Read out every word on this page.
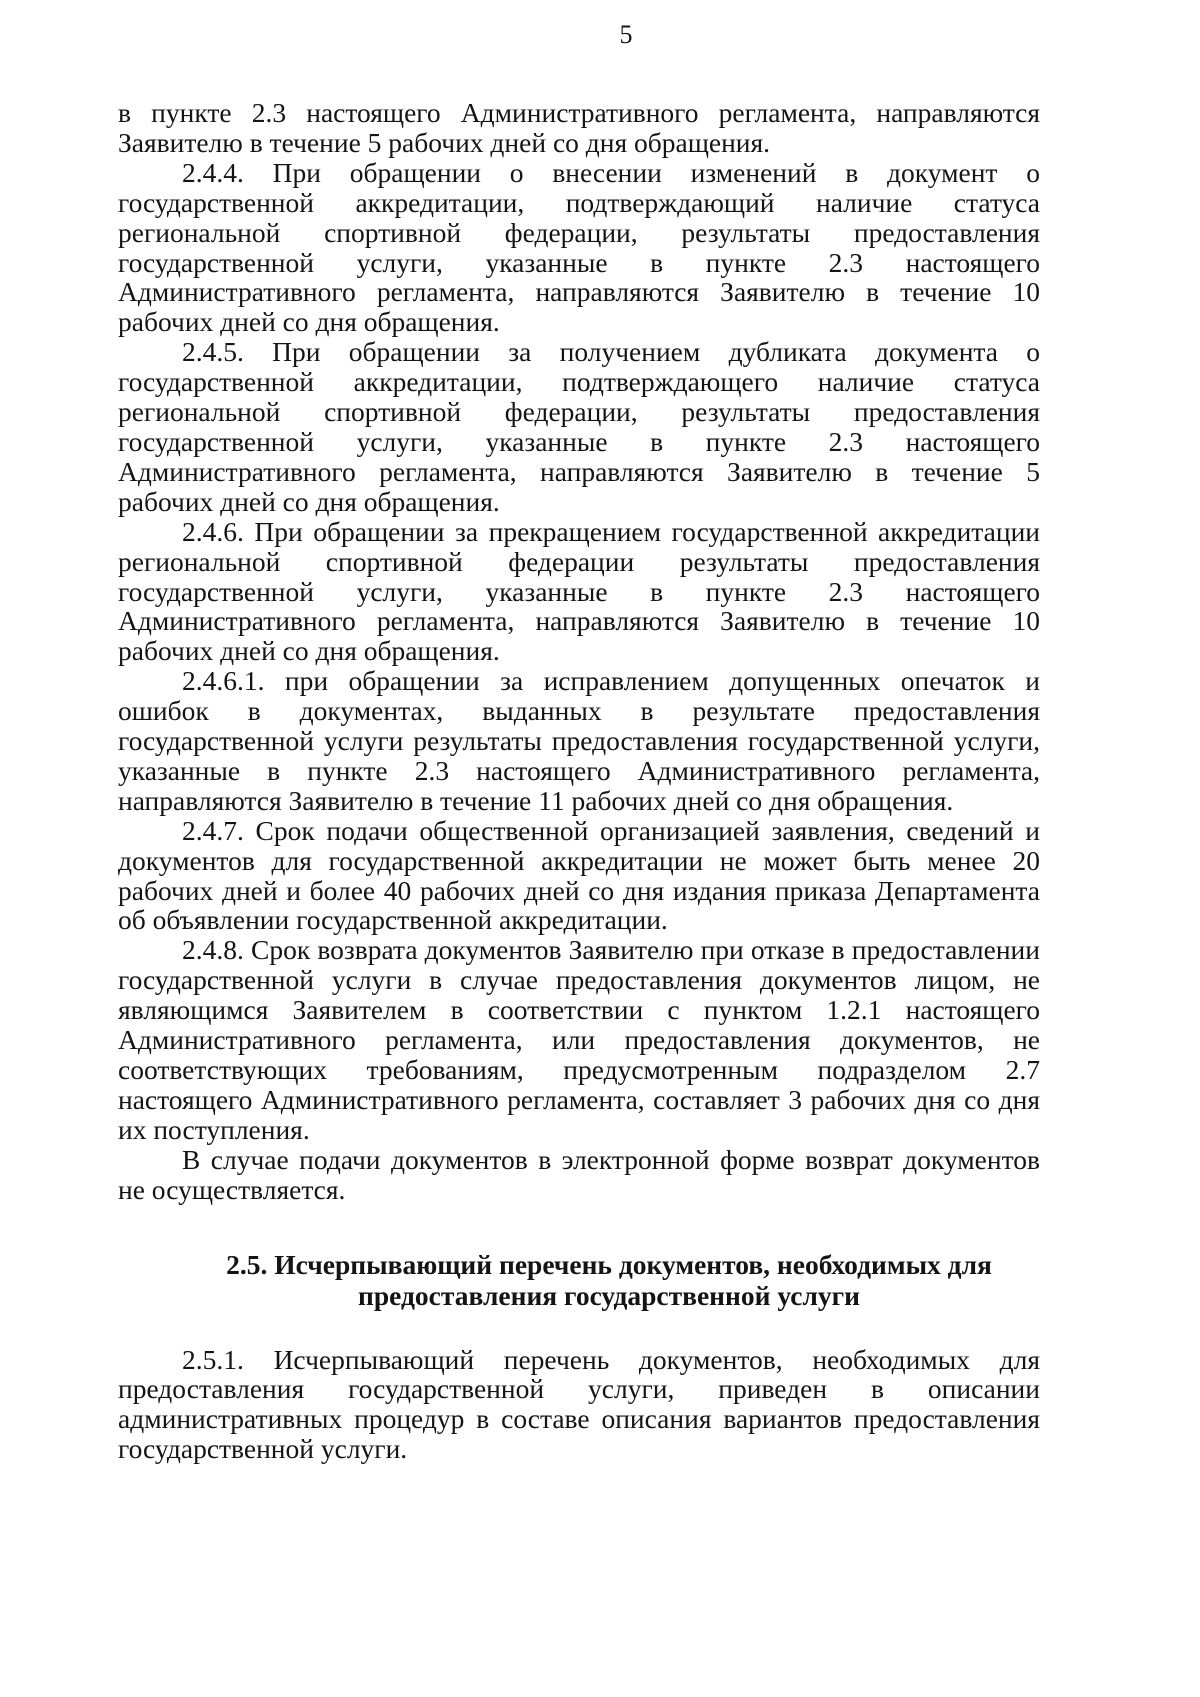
5

в пункте 2.3 настоящего Административного регламента, направляются Заявителю в течение 5 рабочих дней со дня обращения.

2.4.4. При обращении о внесении изменений в документ о государственной аккредитации, подтверждающий наличие статуса региональной спортивной федерации, результаты предоставления государственной услуги, указанные в пункте 2.3 настоящего Административного регламента, направляются Заявителю в течение 10 рабочих дней со дня обращения.

2.4.5. При обращении за получением дубликата документа о государственной аккредитации, подтверждающего наличие статуса региональной спортивной федерации, результаты предоставления государственной услуги, указанные в пункте 2.3 настоящего Административного регламента, направляются Заявителю в течение 5 рабочих дней со дня обращения.

2.4.6. При обращении за прекращением государственной аккредитации региональной спортивной федерации результаты предоставления государственной услуги, указанные в пункте 2.3 настоящего Административного регламента, направляются Заявителю в течение 10 рабочих дней со дня обращения.

2.4.6.1. при обращении за исправлением допущенных опечаток и ошибок в документах, выданных в результате предоставления государственной услуги результаты предоставления государственной услуги, указанные в пункте 2.3 настоящего Административного регламента, направляются Заявителю в течение 11 рабочих дней со дня обращения.

2.4.7. Срок подачи общественной организацией заявления, сведений и документов для государственной аккредитации не может быть менее 20 рабочих дней и более 40 рабочих дней со дня издания приказа Департамента об объявлении государственной аккредитации.

2.4.8. Срок возврата документов Заявителю при отказе в предоставлении государственной услуги в случае предоставления документов лицом, не являющимся Заявителем в соответствии с пунктом 1.2.1 настоящего Административного регламента, или предоставления документов, не соответствующих требованиям, предусмотренным подразделом 2.7 настоящего Административного регламента, составляет 3 рабочих дня со дня их поступления.

В случае подачи документов в электронной форме возврат документов не осуществляется.

2.5. Исчерпывающий перечень документов, необходимых для предоставления государственной услуги

2.5.1. Исчерпывающий перечень документов, необходимых для предоставления государственной услуги, приведен в описании административных процедур в составе описания вариантов предоставления государственной услуги.
